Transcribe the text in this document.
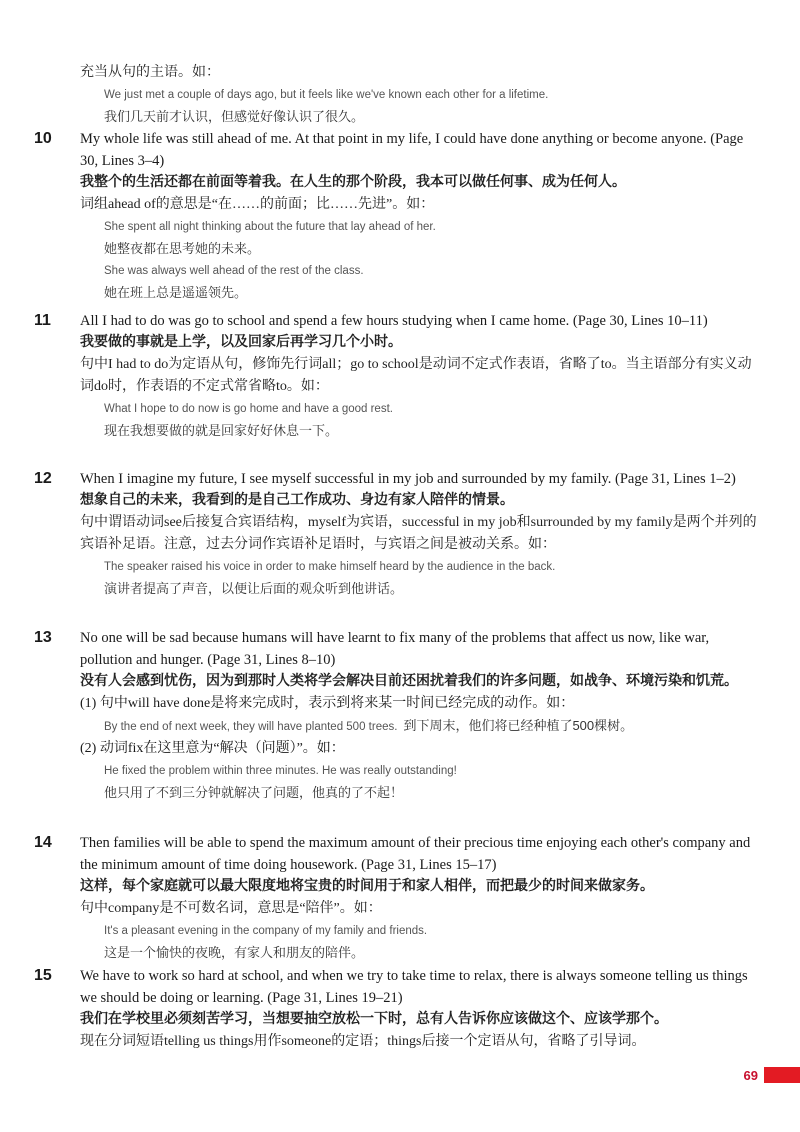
充当从句的主语。如：

We just met a couple of days ago, but it feels like we've known each other for a lifetime.

我们几天前才认识，但感觉好像认识了很久。

10	My whole life was still ahead of me. At that point in my life, I could have done anything or become anyone. (Page 30, Lines 3–4)

我整个的生活还都在前面等着我。在人生的那个阶段，我本可以做任何事、成为任何人。

词组ahead of的意思是“在……的前面；比……先进”。如：

She spent all night thinking about the future that lay ahead of her.

她整夜都在思考她的未来。

She was always well ahead of the rest of the class.

她在班上总是遥遥领先。

11	All I had to do was go to school and spend a few hours studying when I came home. (Page 30, Lines 10–11)

我要做的事就是上学，以及回家后再学习几个小时。

句中I had to do为定语从句，修饰先行词all；go to school是动词不定式作表语，省略了to。当主语部分有实义动词do时，作表语的不定式常省略to。如：

What I hope to do now is go home and have a good rest.

现在我想要做的就是回家好好休息一下。

12	When I imagine my future, I see myself successful in my job and surrounded by my family. (Page 31, Lines 1–2)

想象自己的未来，我看到的是自己工作成功、身边有家人陪伴的情景。

句中谓语动词see后接复合宾语结构，myself为宾语，successful in my job和surrounded by my family是两个并列的宾语补足语。注意，过去分词作宾语补足语时，与宾语之间是被动关系。如：

The speaker raised his voice in order to make himself heard by the audience in the back.

演讲者提高了声音，以便让后面的观众听到他讲话。

13	No one will be sad because humans will have learnt to fix many of the problems that affect us now, like war, pollution and hunger. (Page 31, Lines 8–10)

没有人会感到忧伤，因为到那时人类将学会解决目前还困扰着我们的许多问题，如战争、环境污染和饥荒。

(1) 句中will have done是将来完成时，表示到将来某一时间已经完成的动作。如：

By the end of next week, they will have planted 500 trees. 到下周末，他们将已经种植了500棵树。

(2) 动词fix在这里意为“解决（问题）”。如：

He fixed the problem within three minutes. He was really outstanding!

他只用了不到三分钟就解决了问题，他真的了不起！

14	Then families will be able to spend the maximum amount of their precious time enjoying each other's company and the minimum amount of time doing housework. (Page 31, Lines 15–17)

这样，每个家庭就可以最大限度地将宝贵的时间用于和家人相伴，而把最少的时间来做家务。

句中company是不可数名词，意思是“陪伴”。如：

It's a pleasant evening in the company of my family and friends.

这是一个愉快的夜晚，有家人和朋友的陪伴。

15	We have to work so hard at school, and when we try to take time to relax, there is always someone telling us things we should be doing or learning. (Page 31, Lines 19–21)

我们在学校里必须刻苦学习，当想要抽空放松一下时，总有人告诉你应该做这个、应该学那个。

现在分词短语telling us things用作someone的定语；things后接一个定语从句，省略了引导词。

69
